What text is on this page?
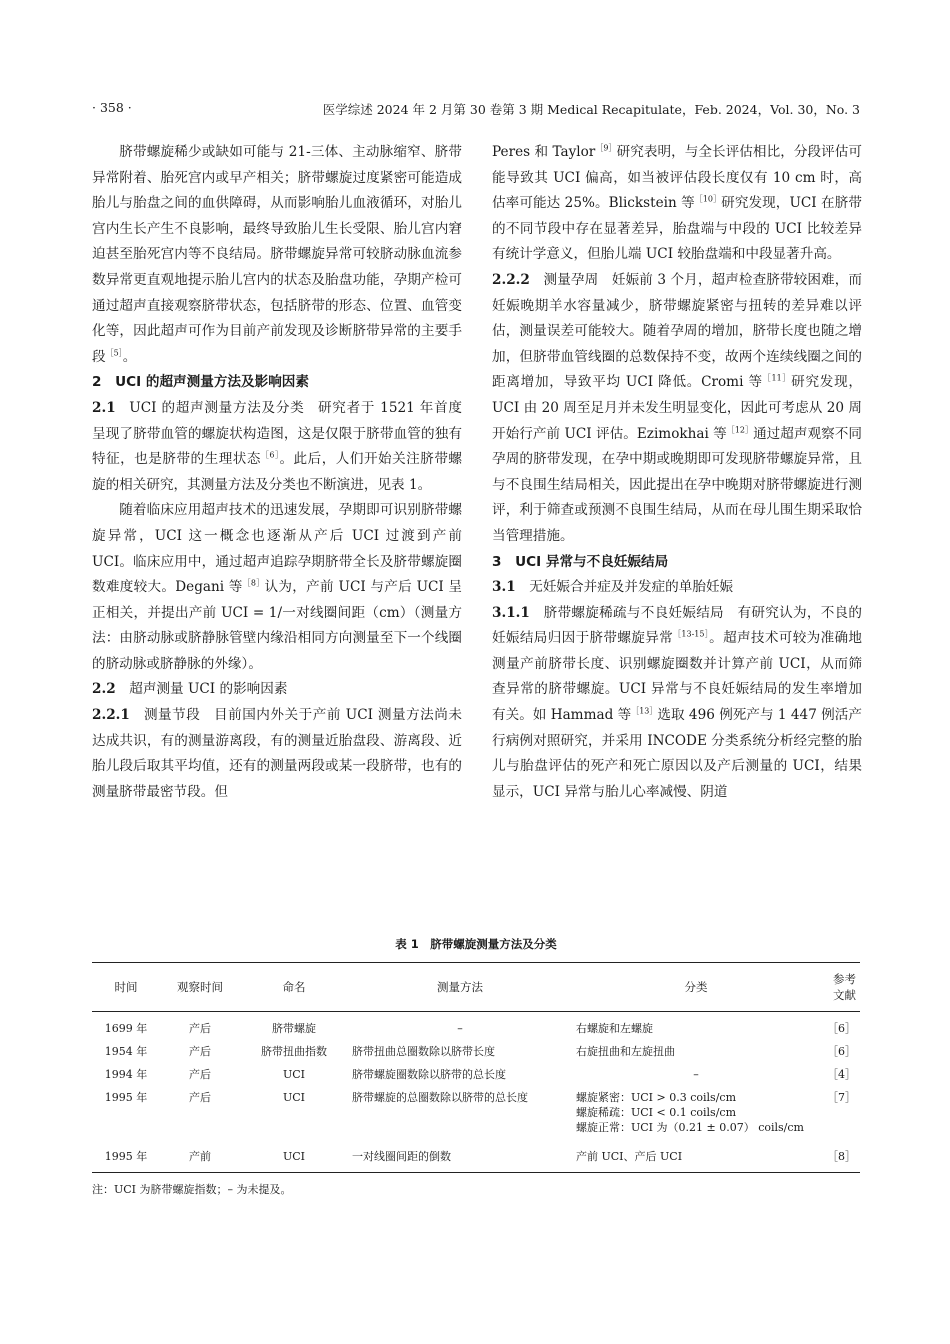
· 358 ·	医学综述 2024 年 2 月第 30 卷第 3 期 Medical Recapitulate，Feb. 2024，Vol. 30，No. 3

脐带螺旋稀少或缺如可能与 21-三体、主动脉缩窄、脐带异常附着、胎死宫内或早产相关；脐带螺旋过度紧密可能造成胎儿与胎盘之间的血供障碍，从而影响胎儿血液循环，对胎儿宫内生长产生不良影响，最终导致胎儿生长受限、胎儿宫内窘迫甚至胎死宫内等不良结局。脐带螺旋异常可较脐动脉血流参数异常更直观地提示胎儿宫内的状态及胎盘功能，孕期产检可通过超声直接观察脐带状态，包括脐带的形态、位置、血管变化等，因此超声可作为目前产前发现及诊断脐带异常的主要手段$^{[5]}$。

2 UCI 的超声测量方法及影响因素

2.1 UCI 的超声测量方法及分类 研究者于 1521 年首度呈现了脐带血管的螺旋状构造图，这是仅限于脐带血管的独有特征，也是脐带的生理状态$^{[6]}$。此后，人们开始关注脐带螺旋的相关研究，其测量方法及分类也不断演进，见表 1。

随着临床应用超声技术的迅速发展，孕期即可识别脐带螺旋异常，UCI 这一概念也逐渐从产后 UCI 过渡到产前 UCI。临床应用中，通过超声追踪孕期脐带全长及脐带螺旋圈数难度较大。Degani 等$^{[8]}$认为，产前 UCI 与产后 UCI 呈正相关，并提出产前 UCI = 1/一对线圈间距（cm）（测量方法：由脐动脉或脐静脉管壁内缘沿相同方向测量至下一个线圈的脐动脉或脐静脉的外缘）。

2.2 超声测量 UCI 的影响因素

2.2.1 测量节段 目前国内外关于产前 UCI 测量方法尚未达成共识，有的测量游离段，有的测量近胎盘段、游离段、近胎儿段后取其平均值，还有的测量两段或某一段脐带，也有的测量脐带最密节段。但

Peres 和 Taylor$^{[9]}$研究表明，与全长评估相比，分段评估可能导致其 UCI 偏高，如当被评估段长度仅有 10 cm 时，高估率可能达 25%。Blickstein 等$^{[10]}$研究发现，UCI 在脐带的不同节段中存在显著差异，胎盘端与中段的 UCI 比较差异有统计学意义，但胎儿端 UCI 较胎盘端和中段显著升高。

2.2.2 测量孕周 妊娠前 3 个月，超声检查脐带较困难，而妊娠晚期羊水容量减少，脐带螺旋紧密与扭转的差异难以评估，测量误差可能较大。随着孕周的增加，脐带长度也随之增加，但脐带血管线圈的总数保持不变，故两个连续线圈之间的距离增加，导致平均 UCI 降低。Cromi 等$^{[11]}$研究发现，UCI 由 20 周至足月并未发生明显变化，因此可考虑从 20 周开始行产前 UCI 评估。Ezimokhai 等$^{[12]}$通过超声观察不同孕周的脐带发现，在孕中期或晚期即可发现脐带螺旋异常，且与不良围生结局相关，因此提出在孕中晚期对脐带螺旋进行测评，利于筛查或预测不良围生结局，从而在母儿围生期采取恰当管理措施。

3 UCI 异常与不良妊娠结局
3.1 无妊娠合并症及并发症的单胎妊娠

3.1.1 脐带螺旋稀疏与不良妊娠结局 有研究认为，不良的妊娠结局归因于脐带螺旋异常$^{[13-15]}$。超声技术可较为准确地测量产前脐带长度、识别螺旋圈数并计算产前 UCI，从而筛查异常的脐带螺旋。UCI 异常与不良妊娠结局的发生率增加有关。如 Hammad 等$^{[13]}$选取 496 例死产与 1 447 例活产行病例对照研究，并采用 INCODE 分类系统分析经完整的胎儿与胎盘评估的死产和死亡原因以及产后测量的 UCI，结果显示，UCI 异常与胎儿心率减慢、阴道

表 1　脐带螺旋测量方法及分类
时间	观察时间	命名	测量方法	分类	参考文献
1699 年	产后	脐带螺旋	–	右螺旋和左螺旋	［6］
1954 年	产后	脐带扭曲指数	脐带扭曲总圈数除以脐带长度	右旋扭曲和左旋扭曲	［6］
1994 年	产后	UCI	脐带螺旋圈数除以脐带的总长度	–	［4］
1995 年	产后	UCI	脐带螺旋的总圈数除以脐带的总长度	螺旋紧密：UCI > 0.3 coils/cm
螺旋稀疏：UCI < 0.1 coils/cm
螺旋正常：UCI 为（0.21 ± 0.07） coils/cm	［7］
1995 年	产前	UCI	一对线圈间距的倒数	产前 UCI、产后 UCI	［8］
注：UCI 为脐带螺旋指数；– 为未提及。
